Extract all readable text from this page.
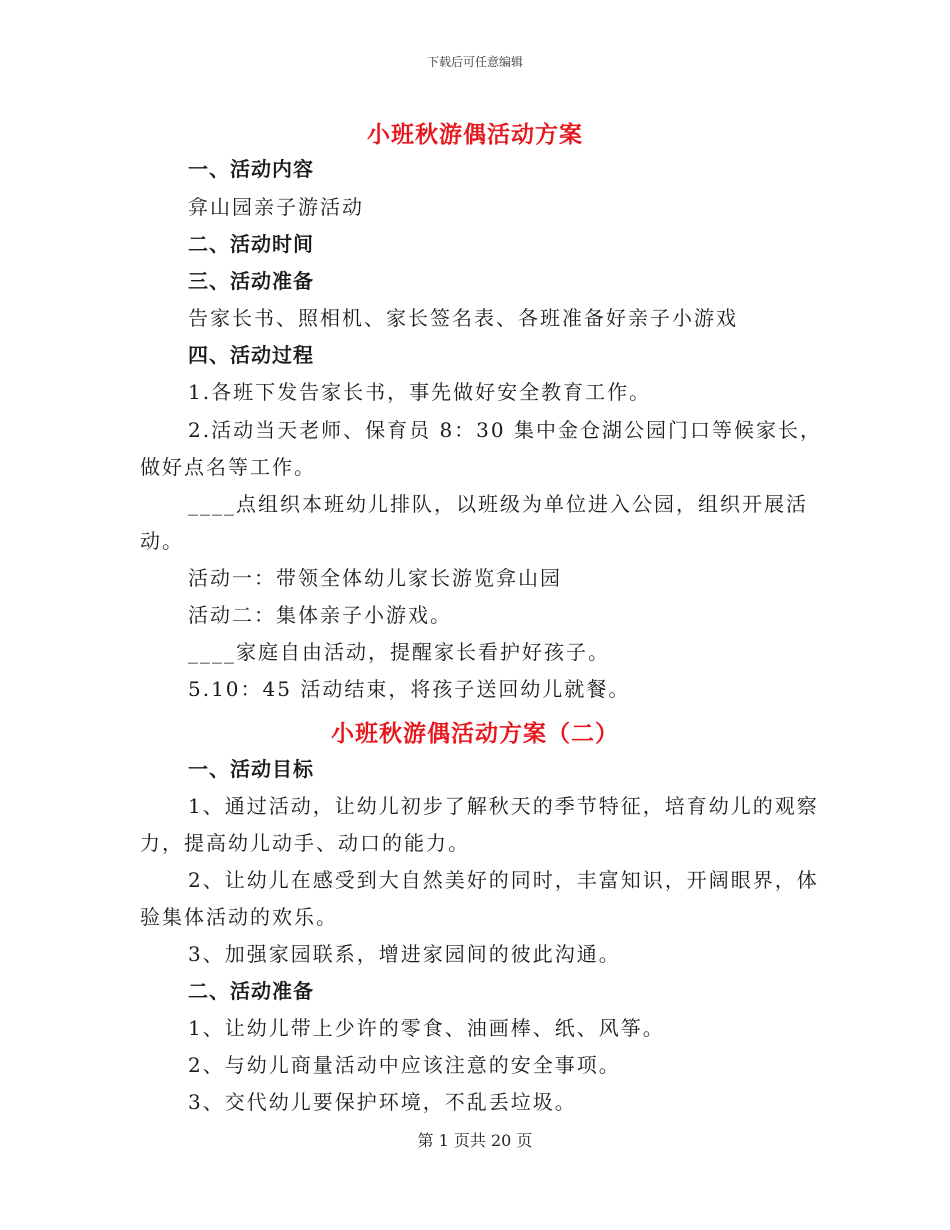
下载后可任意编辑
小班秋游偶活动方案
一、活动内容
弇山园亲子游活动
二、活动时间
三、活动准备
告家长书、照相机、家长签名表、各班准备好亲子小游戏
四、活动过程
1.各班下发告家长书，事先做好安全教育工作。
2.活动当天老师、保育员 8：30 集中金仓湖公园门口等候家长，
做好点名等工作。
____点组织本班幼儿排队，以班级为单位进入公园，组织开展活
动。
活动一：带领全体幼儿家长游览弇山园
活动二：集体亲子小游戏。
____家庭自由活动，提醒家长看护好孩子。
5.10：45 活动结束，将孩子送回幼儿就餐。
小班秋游偶活动方案（二）
一、活动目标
1、通过活动，让幼儿初步了解秋天的季节特征，培育幼儿的观察
力，提高幼儿动手、动口的能力。
2、让幼儿在感受到大自然美好的同时，丰富知识，开阔眼界，体
验集体活动的欢乐。
3、加强家园联系，增进家园间的彼此沟通。
二、活动准备
1、让幼儿带上少许的零食、油画棒、纸、风筝。
2、与幼儿商量活动中应该注意的安全事项。
3、交代幼儿要保护环境，不乱丢垃圾。
第 1 页共 20 页
